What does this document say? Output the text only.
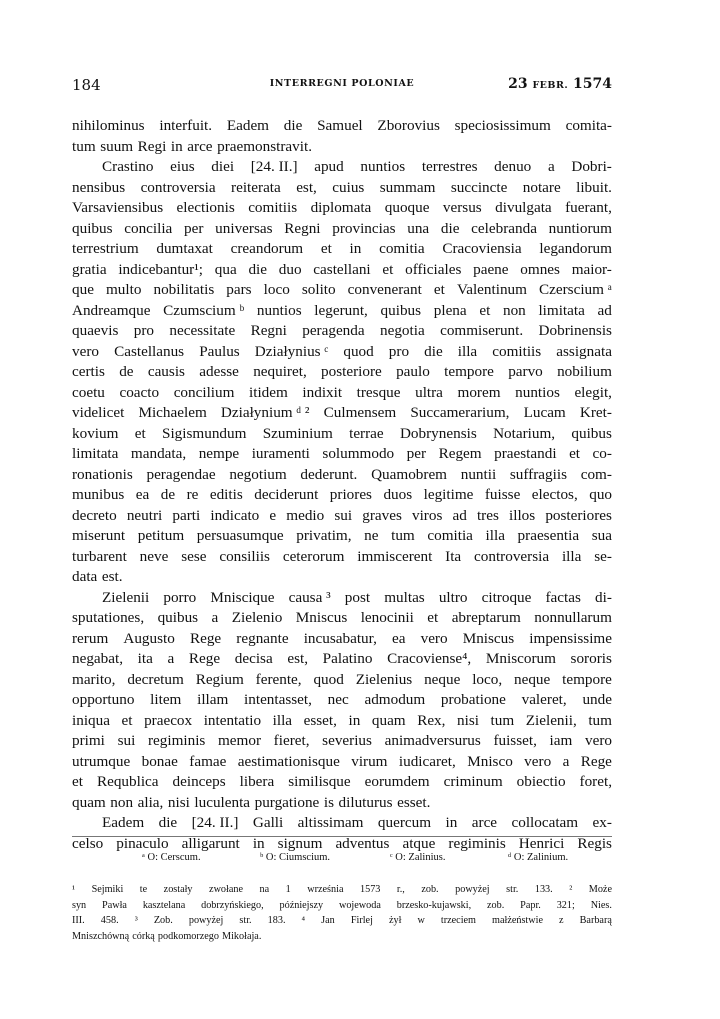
184	INTERREGNI POLONIAE	23 FEBR. 1574
nihilominus interfuit. Eadem die Samuel Zborovius speciosissimum comita-
tum suum Regi in arce praemonstravit.
Crastino eius diei [24. II.] apud nuntios terrestres denuo a Dobri-
nensibus controversia reiterata est, cuius summam succincte notare libuit.
Varsaviensibus electionis comitiis diplomata quoque versus divulgata fuerant,
quibus concilia per universas Regni provincias una die celebranda nuntiorum
terrestrium dumtaxat creandorum et in comitia Cracoviensia legandorum
gratia indicebantur¹; qua die duo castellani et officiales paene omnes maior-
que multo nobilitatis pars loco solito convenerant et Valentinum Czerscium ᵃ
Andreamque Czumscium ᵇ nuntios legerunt, quibus plena et non limitata ad
quaevis pro necessitate Regni peragenda negotia commiserunt. Dobrinensis
vero Castellanus Paulus Działynius ᶜ quod pro die illa comitiis assignata
certis de causis adesse nequiret, posteriore paulo tempore parvo nobilium
coetu coacto concilium itidem indixit tresque ultra morem nuntios elegit,
videlicet Michaelem Działynium ᵈ ² Culmensem Succamerarium, Lucam Kret-
kovium et Sigismundum Szuminium terrae Dobrynensis Notarium, quibus
limitata mandata, nempe iuramenti solummodo per Regem praestandi et co-
ronationis peragendae negotium dederunt. Quamobrem nuntii suffragiis com-
munibus ea de re editis deciderunt priores duos legitime fuisse electos, quo
decreto neutri parti indicato e medio sui graves viros ad tres illos posteriores
miserunt petitum persuasumque privatim, ne tum comitia illa praesentia sua
turbarent neve sese consiliis ceterorum immiscerent Ita controversia illa se-
data est.
Zielenii porro Mniscique causa ³ post multas ultro citroque factas di-
sputationes, quibus a Zielenio Mniscus lenocinii et abreptarum nonnullarum
rerum Augusto Rege regnante incusabatur, ea vero Mniscus impensissime
negabat, ita a Rege decisa est, Palatino Cracoviense⁴, Mniscorum sororis
marito, decretum Regium ferente, quod Zielenius neque loco, neque tempore
opportuno litem illam intentasset, nec admodum probatione valeret, unde
iniqua et praecox intentatio illa esset, in quam Rex, nisi tum Zielenii, tum
primi sui regiminis memor fieret, severius animadversurus fuisset, iam vero
utrumque bonae famae aestimationisque virum iudicaret, Mnisco vero a Rege
et Requblica deinceps libera similisque eorumdem criminum obiectio foret,
quam non alia, nisi luculenta purgatione is diluturus esset.
Eadem die [24. II.] Galli altissimam quercum in arce collocatam ex-
celso pinaculo alligarunt in signum adventus atque regiminis Henrici Regis
ᵃ O: Cerscum.	ᵇ O: Ciumscium.	ᶜ O: Zalinius.	ᵈ O: Zalinium.
¹ Sejmiki te zostały zwołane na 1 września 1573 r., zob. powyżej str. 133. ² Może
syn Pawła kasztelana dobrzyńskiego, późniejszy wojewoda brzesko-kujawski, zob. Papr. 321; Nies.
III. 458. ³ Zob. powyżej str. 183. ⁴ Jan Firlej żył w trzeciem małżeństwie z Barbarą
Mniszchówną córką podkomorzego Mikołaja.
